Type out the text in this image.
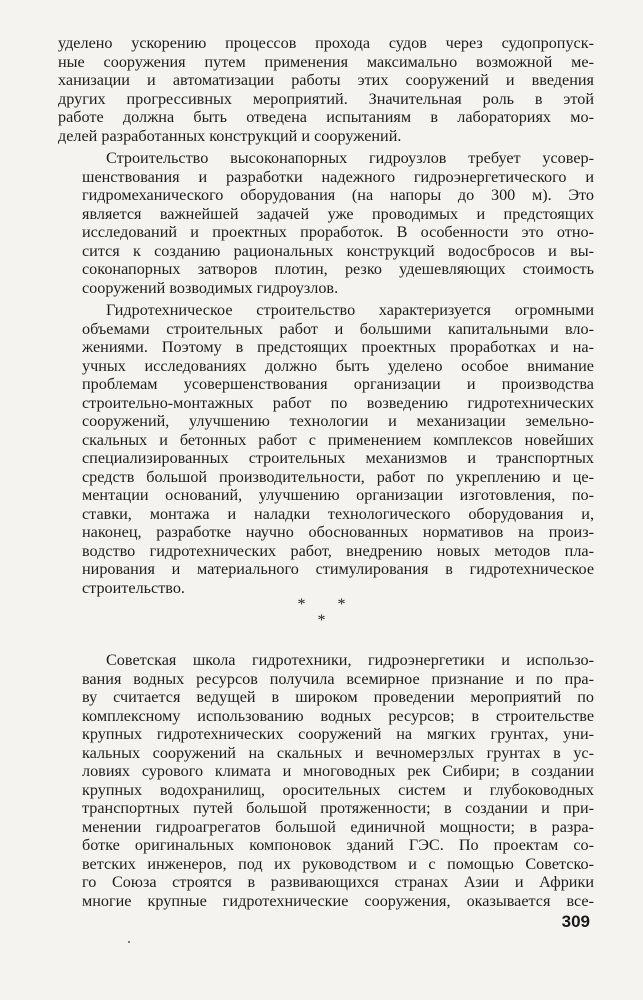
уделено ускорению процессов прохода судов через судопропуск-
ные сооружения путем применения максимально возможной ме-
ханизации и автоматизации работы этих сооружений и введения
других прогрессивных мероприятий. Значительная роль в этой
работе должна быть отведена испытаниям в лабораториях мо-
делей разработанных конструкций и сооружений.

Строительство высоконапорных гидроузлов требует усовер-
шенствования и разработки надежного гидроэнергетического и
гидромеханического оборудования (на напоры до 300 м). Это
является важнейшей задачей уже проводимых и предстоящих
исследований и проектных проработок. В особенности это отно-
сится к созданию рациональных конструкций водосбросов и вы-
соконапорных затворов плотин, резко удешевляющих стоимость
сооружений возводимых гидроузлов.

Гидротехническое строительство характеризуется огромными
объемами строительных работ и большими капитальными вло-
жениями. Поэтому в предстоящих проектных проработках и на-
учных исследованиях должно быть уделено особое внимание
проблемам усовершенствования организации и производства
строительно-монтажных работ по возведению гидротехнических
сооружений, улучшению технологии и механизации земельно-
скальных и бетонных работ с применением комплексов новейших
специализированных строительных механизмов и транспортных
средств большой производительности, работ по укреплению и це-
ментации оснований, улучшению организации изготовления, по-
ставки, монтажа и наладки технологического оборудования и,
наконец, разработке научно обоснованных нормативов на произ-
водство гидротехнических работ, внедрению новых методов пла-
нирования и материального стимулирования в гидротехническое
строительство.

* *
*

Советская школа гидротехники, гидроэнергетики и использо-
вания водных ресурсов получила всемирное признание и по пра-
ву считается ведущей в широком проведении мероприятий по
комплексному использованию водных ресурсов; в строительстве
крупных гидротехнических сооружений на мягких грунтах, уни-
кальных сооружений на скальных и вечномерзлых грунтах в ус-
ловиях сурового климата и многоводных рек Сибири; в создании
крупных водохранилищ, оросительных систем и глубоководных
транспортных путей большой протяженности; в создании и при-
менении гидроагрегатов большой единичной мощности; в разра-
ботке оригинальных компоновок зданий ГЭС. По проектам со-
ветских инженеров, под их руководством и с помощью Советско-
го Союза строятся в развивающихся странах Азии и Африки
многие крупные гидротехнические сооружения, оказывается все-

309
